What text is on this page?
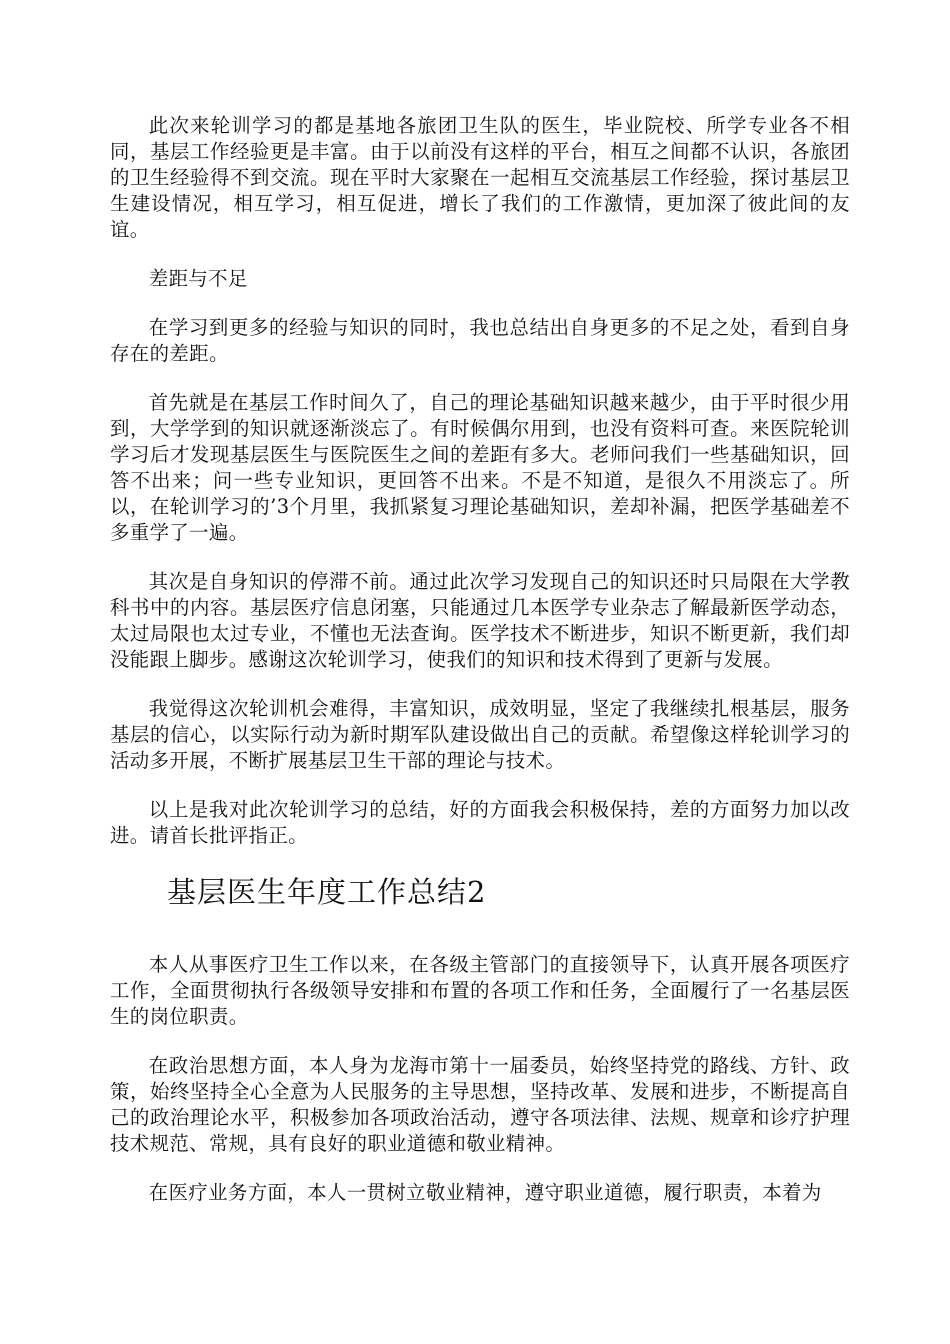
此次来轮训学习的都是基地各旅团卫生队的医生，毕业院校、所学专业各不相同，基层工作经验更是丰富。由于以前没有这样的平台，相互之间都不认识，各旅团的卫生经验得不到交流。现在平时大家聚在一起相互交流基层工作经验，探讨基层卫生建设情况，相互学习，相互促进，增长了我们的工作激情，更加深了彼此间的友谊。

差距与不足

在学习到更多的经验与知识的同时，我也总结出自身更多的不足之处，看到自身存在的差距。

首先就是在基层工作时间久了，自己的理论基础知识越来越少，由于平时很少用到，大学学到的知识就逐渐淡忘了。有时候偶尔用到，也没有资料可查。来医院轮训学习后才发现基层医生与医院医生之间的差距有多大。老师问我们一些基础知识，回答不出来；问一些专业知识，更回答不出来。不是不知道，是很久不用淡忘了。所以，在轮训学习的’3个月里，我抓紧复习理论基础知识，差却补漏，把医学基础差不多重学了一遍。

其次是自身知识的停滞不前。通过此次学习发现自己的知识还时只局限在大学教科书中的内容。基层医疗信息闭塞，只能通过几本医学专业杂志了解最新医学动态，太过局限也太过专业，不懂也无法查询。医学技术不断进步，知识不断更新，我们却没能跟上脚步。感谢这次轮训学习，使我们的知识和技术得到了更新与发展。

我觉得这次轮训机会难得，丰富知识，成效明显，坚定了我继续扎根基层，服务基层的信心，以实际行动为新时期军队建设做出自己的贡献。希望像这样轮训学习的活动多开展，不断扩展基层卫生干部的理论与技术。

以上是我对此次轮训学习的总结，好的方面我会积极保持，差的方面努力加以改进。请首长批评指正。

基层医生年度工作总结2

本人从事医疗卫生工作以来，在各级主管部门的直接领导下，认真开展各项医疗工作，全面贯彻执行各级领导安排和布置的各项工作和任务，全面履行了一名基层医生的岗位职责。

在政治思想方面，本人身为龙海市第十一届委员，始终坚持党的路线、方针、政策，始终坚持全心全意为人民服务的主导思想，坚持改革、发展和进步，不断提高自己的政治理论水平，积极参加各项政治活动，遵守各项法律、法规、规章和诊疗护理技术规范、常规，具有良好的职业道德和敬业精神。

在医疗业务方面，本人一贯树立敬业精神，遵守职业道德，履行职责，本着为
